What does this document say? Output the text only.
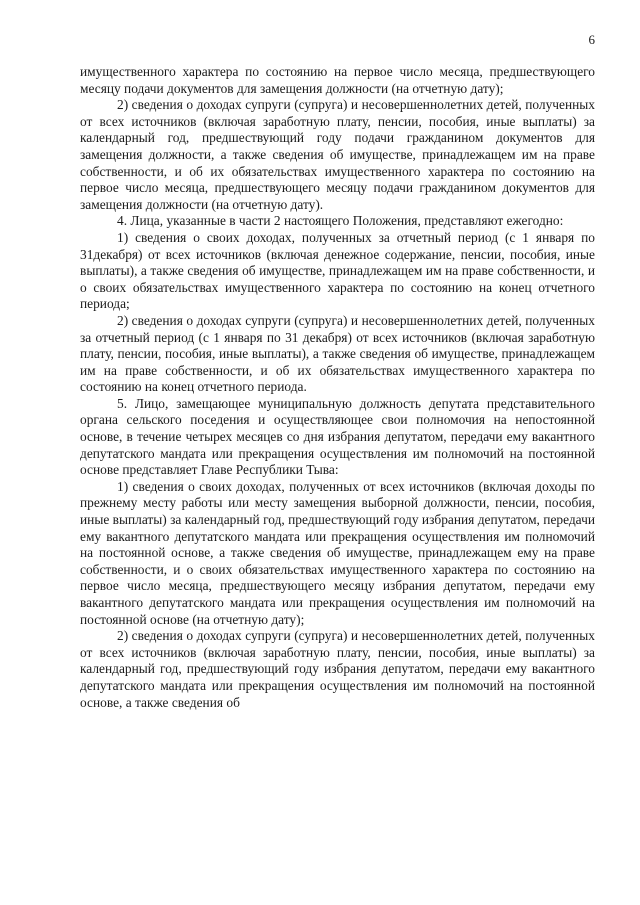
6

имущественного характера по состоянию на первое число месяца, предшествующего месяцу подачи документов для замещения должности (на отчетную дату);

2) сведения о доходах супруги (супруга) и несовершеннолетних детей, полученных от всех источников (включая заработную плату, пенсии, пособия, иные выплаты) за календарный год, предшествующий году подачи гражданином документов для замещения должности, а также сведения об имуществе, принадлежащем им на праве собственности, и об их обязательствах имущественного характера по состоянию на первое число месяца, предшествующего месяцу подачи гражданином документов для замещения должности (на отчетную дату).

4. Лица, указанные в части 2 настоящего Положения, представляют ежегодно:

1) сведения о своих доходах, полученных за отчетный период (с 1 января по 31декабря) от всех источников (включая денежное содержание, пенсии, пособия, иные выплаты), а также сведения об имуществе, принадлежащем им на праве собственности, и о своих обязательствах имущественного характера по состоянию на конец отчетного периода;

2) сведения о доходах супруги (супруга) и несовершеннолетних детей, полученных за отчетный период (с 1 января по 31 декабря) от всех источников (включая заработную плату, пенсии, пособия, иные выплаты), а также сведения об имуществе, принадлежащем им на праве собственности, и об их обязательствах имущественного характера по состоянию на конец отчетного периода.

5. Лицо, замещающее муниципальную должность депутата представительного органа сельского поседения и осуществляющее свои полномочия на непостоянной основе, в течение четырех месяцев со дня избрания депутатом, передачи ему вакантного депутатского мандата или прекращения осуществления им полномочий на постоянной основе представляет Главе Республики Тыва:

1) сведения о своих доходах, полученных от всех источников (включая доходы по прежнему месту работы или месту замещения выборной должности, пенсии, пособия, иные выплаты) за календарный год, предшествующий году избрания депутатом, передачи ему вакантного депутатского мандата или прекращения осуществления им полномочий на постоянной основе, а также сведения об имуществе, принадлежащем ему на праве собственности, и о своих обязательствах имущественного характера по состоянию на первое число месяца, предшествующего месяцу избрания депутатом, передачи ему вакантного депутатского мандата или прекращения осуществления им полномочий на постоянной основе (на отчетную дату);

2) сведения о доходах супруги (супруга) и несовершеннолетних детей, полученных от всех источников (включая заработную плату, пенсии, пособия, иные выплаты) за календарный год, предшествующий году избрания депутатом, передачи ему вакантного депутатского мандата или прекращения осуществления им полномочий на постоянной основе, а также сведения об
